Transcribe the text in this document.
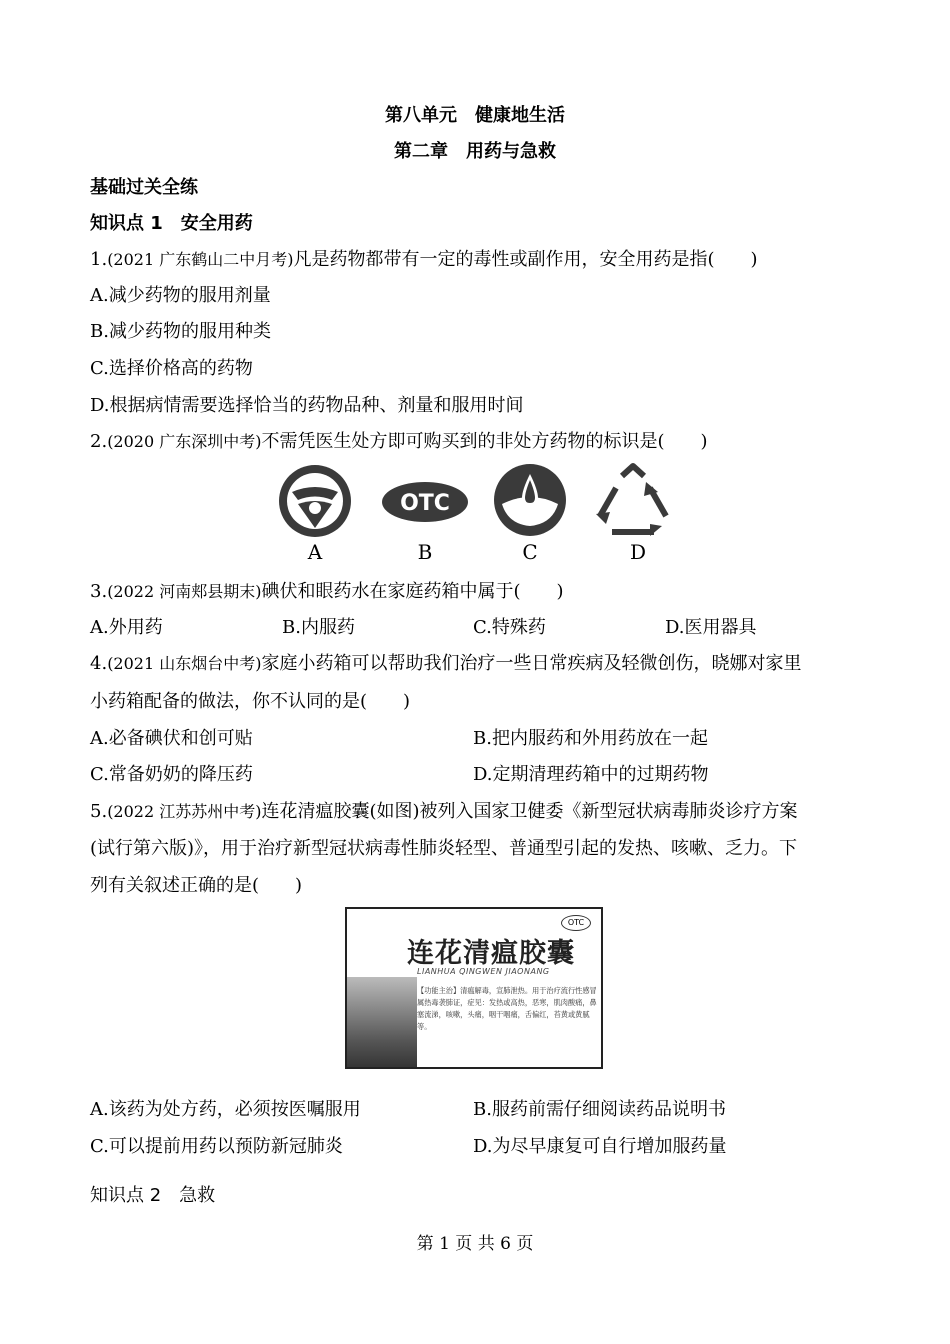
第八单元　健康地生活
第二章　用药与急救
基础过关全练
知识点 1　安全用药
1.(2021 广东鹤山二中月考)凡是药物都带有一定的毒性或副作用，安全用药是指(　　)
A.减少药物的服用剂量
B.减少药物的服用种类
C.选择价格高的药物
D.根据病情需要选择恰当的药物品种、剂量和服用时间
2.(2020 广东深圳中考)不需凭医生处方即可购买到的非处方药物的标识是(　　)
A
OTC
B	C	D
3.(2022 河南郏县期末)碘伏和眼药水在家庭药箱中属于(　　)
A.外用药	B.内服药	C.特殊药	D.医用器具
4.(2021 山东烟台中考)家庭小药箱可以帮助我们治疗一些日常疾病及轻微创伤，晓娜对家里
小药箱配备的做法，你不认同的是(　　)
A.必备碘伏和创可贴	B.把内服药和外用药放在一起
C.常备奶奶的降压药	D.定期清理药箱中的过期药物
5.(2022 江苏苏州中考)连花清瘟胶囊(如图)被列入国家卫健委《新型冠状病毒肺炎诊疗方案
(试行第六版)》，用于治疗新型冠状病毒性肺炎轻型、普通型引起的发热、咳嗽、乏力。下
列有关叙述正确的是(　　)
OTC
连花清瘟胶囊
LIANHUA QINGWEN JIAONANG
【功能主治】清瘟解毒，宣肺泄热。用于治疗流行性感冒属热毒袭肺证，症见：发热或高热，恶寒，肌肉酸痛，鼻塞流涕，咳嗽，头痛，咽干咽痛，舌偏红，苔黄或黄腻等。
A.该药为处方药，必须按医嘱服用	B.服药前需仔细阅读药品说明书
C.可以提前用药以预防新冠肺炎	D.为尽早康复可自行增加服药量
知识点 2　急救
第 1 页 共 6 页
